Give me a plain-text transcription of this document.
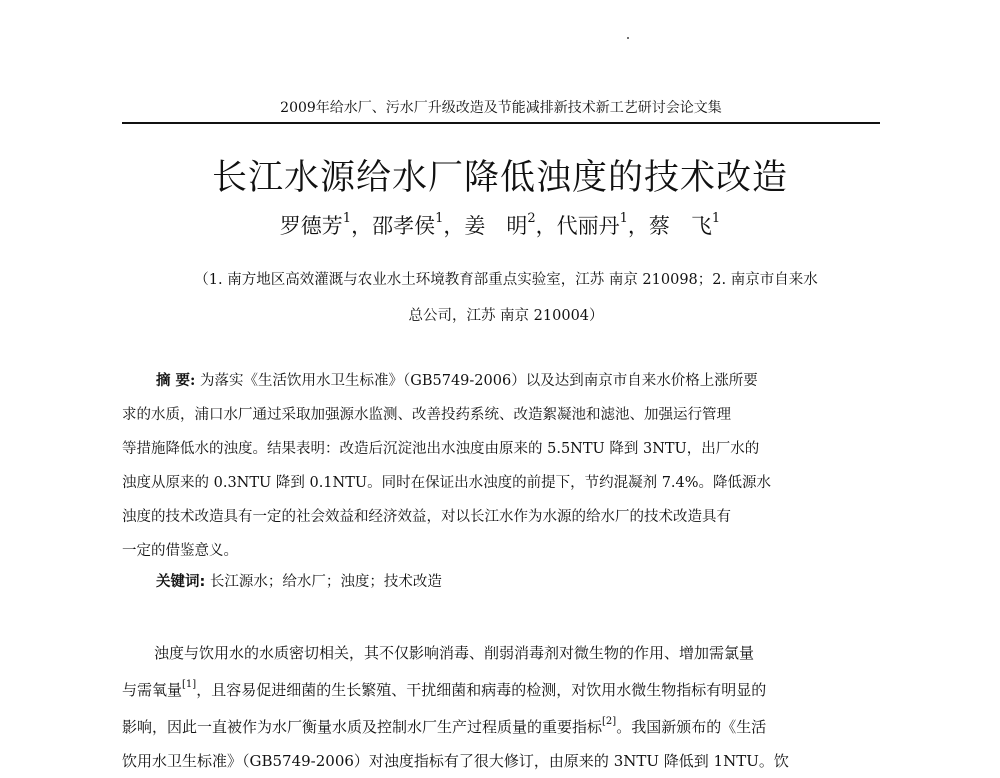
2009年给水厂、污水厂升级改造及节能减排新技术新工艺研讨会论文集
长江水源给水厂降低浊度的技术改造
罗德芳$^1$，邵孝侯$^1$，姜　明$^2$，代丽丹$^1$，蔡　飞$^1$
（1. 南方地区高效灌溉与农业水土环境教育部重点实验室，江苏 南京 210098；2. 南京市自来水
总公司，江苏 南京 210004）
摘 要: 为落实《生活饮用水卫生标准》（GB5749-2006）以及达到南京市自来水价格上涨所要
求的水质，浦口水厂通过采取加强源水监测、改善投药系统、改造絮凝池和滤池、加强运行管理
等措施降低水的浊度。结果表明：改造后沉淀池出水浊度由原来的 5.5NTU 降到 3NTU，出厂水的
浊度从原来的 0.3NTU 降到 0.1NTU。同时在保证出水浊度的前提下，节约混凝剂 7.4%。降低源水
浊度的技术改造具有一定的社会效益和经济效益，对以长江水作为水源的给水厂的技术改造具有
一定的借鉴意义。
关键词: 长江源水；给水厂；浊度；技术改造
浊度与饮用水的水质密切相关，其不仅影响消毒、削弱消毒剂对微生物的作用、增加需氯量
与需氧量[1]，且容易促进细菌的生长繁殖、干扰细菌和病毒的检测，对饮用水微生物指标有明显的
影响，因此一直被作为水厂衡量水质及控制水厂生产过程质量的重要指标[2]。我国新颁布的《生活
饮用水卫生标准》（GB5749-2006）对浊度指标有了很大修订，由原来的 3NTU 降低到 1NTU。饮
